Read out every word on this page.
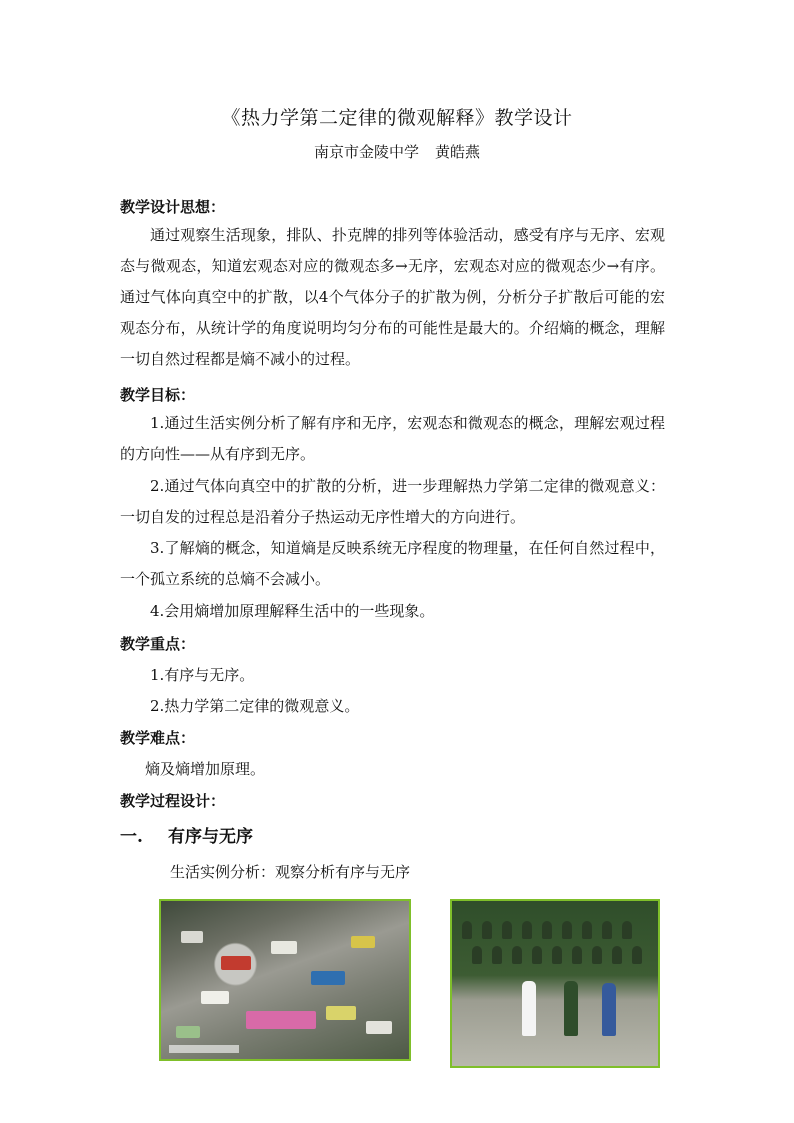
《热力学第二定律的微观解释》教学设计
南京市金陵中学 黄皓燕
教学设计思想：

通过观察生活现象，排队、扑克牌的排列等体验活动，感受有序与无序、宏观态与微观态，知道宏观态对应的微观态多→无序，宏观态对应的微观态少→有序。通过气体向真空中的扩散，以4个气体分子的扩散为例，分析分子扩散后可能的宏观态分布，从统计学的角度说明均匀分布的可能性是最大的。介绍熵的概念，理解一切自然过程都是熵不减小的过程。

教学目标：

1.通过生活实例分析了解有序和无序，宏观态和微观态的概念，理解宏观过程的方向性——从有序到无序。

2.通过气体向真空中的扩散的分析，进一步理解热力学第二定律的微观意义： 一切自发的过程总是沿着分子热运动无序性增大的方向进行。

3.了解熵的概念，知道熵是反映系统无序程度的物理量，在任何自然过程中，一个孤立系统的总熵不会减小。

4.会用熵增加原理解释生活中的一些现象。

教学重点：
1.有序与无序。
2.热力学第二定律的微观意义。
教学难点：
熵及熵增加原理。
教学过程设计：
一. 有序与无序
生活实例分析：观察分析有序与无序
